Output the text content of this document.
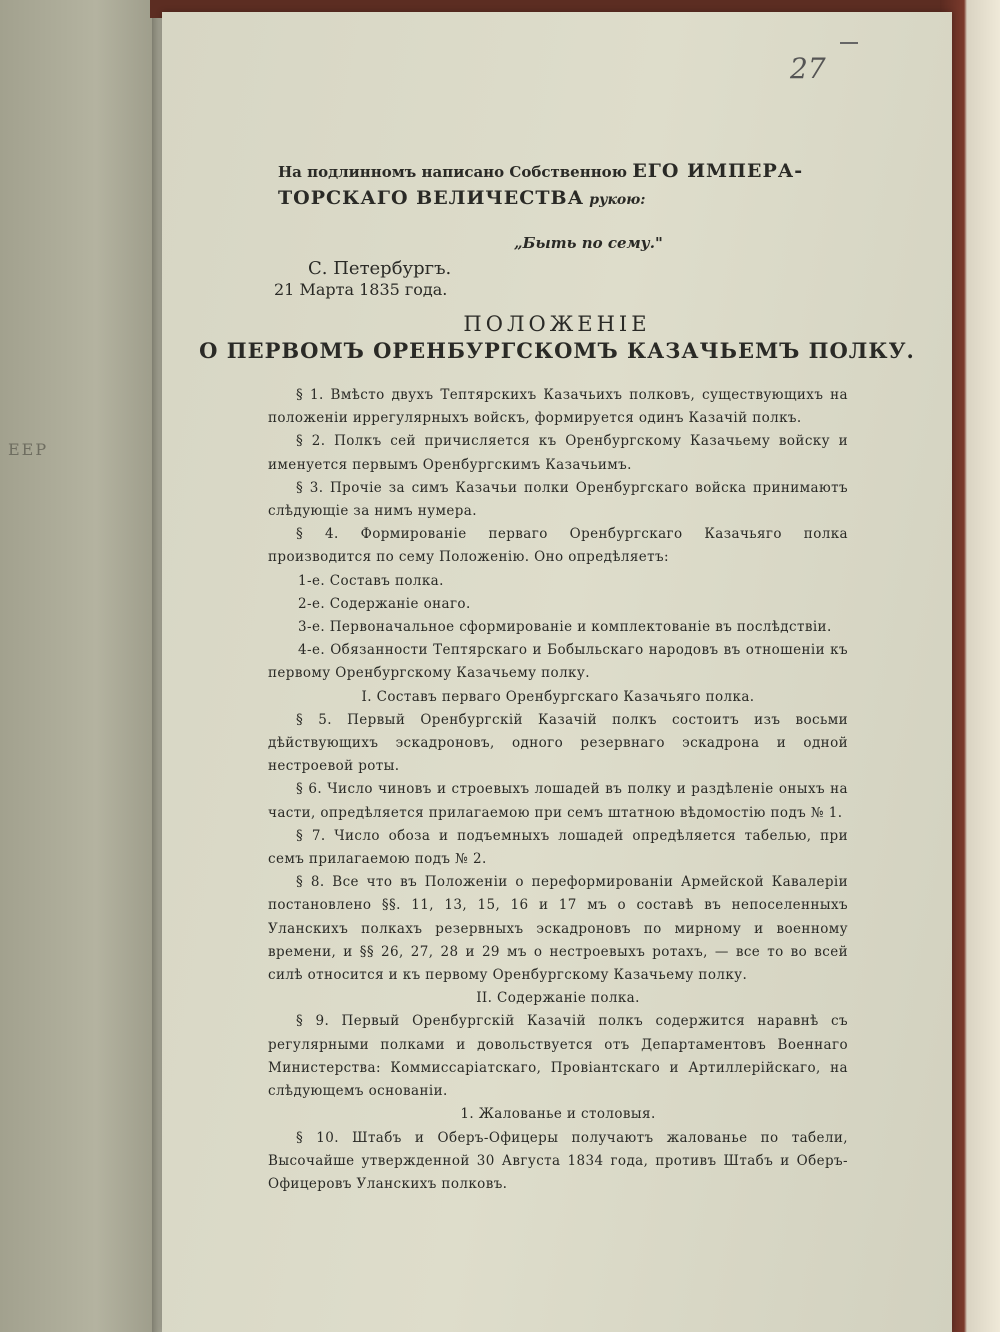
ЕЕР
27
На подлинномъ написано Собственною ЕГО ИМПЕРА-
ТОРСКАГО ВЕЛИЧЕСТВА рукою:
„Быть по сему."
С. Петербургъ.
21 Марта 1835 года.
ПОЛОЖЕНІЕ
О ПЕРВОМЪ ОРЕНБУРГСКОМЪ КАЗАЧЬЕМЪ ПОЛКУ.

§ 1. Вмѣсто двухъ Тептярскихъ Казачьихъ полковъ, существующихъ на положеніи иррегулярныхъ войскъ, формируется одинъ Казачій полкъ.

§ 2. Полкъ сей причисляется къ Оренбургскому Казачьему войску и именуется первымъ Оренбургскимъ Казачьимъ.

§ 3. Прочіе за симъ Казачьи полки Оренбургскаго войска принимаютъ слѣдующіе за нимъ нумера.

§ 4. Формированіе перваго Оренбургскаго Казачьяго полка производится по сему Положенію. Оно опредѣляетъ:

1-е. Составъ полка.

2-е. Содержаніе онаго.

3-е. Первоначальное сформированіе и комплектованіе въ послѣдствіи.

4-е. Обязанности Тептярскаго и Бобыльскаго народовъ въ отношеніи къ первому Оренбургскому Казачьему полку.

I. Составъ перваго Оренбургскаго Казачьяго полка.

§ 5. Первый Оренбургскій Казачій полкъ состоитъ изъ восьми дѣйствующихъ эскадроновъ, одного резервнаго эскадрона и одной нестроевой роты.

§ 6. Число чиновъ и строевыхъ лошадей въ полку и раздѣленіе оныхъ на части, опредѣляется прилагаемою при семъ штатною вѣдомостію подъ № 1.

§ 7. Число обоза и подъемныхъ лошадей опредѣляется табелью, при семъ прилагаемою подъ № 2.

§ 8. Все что въ Положеніи о переформированіи Армейской Кавалеріи постановлено §§. 11, 13, 15, 16 и 17 мъ о составѣ въ непоселенныхъ Уланскихъ полкахъ резервныхъ эскадроновъ по мирному и военному времени, и §§ 26, 27, 28 и 29 мъ о нестроевыхъ ротахъ, — все то во всей силѣ относится и къ первому Оренбургскому Казачьему полку.

II. Содержаніе полка.

§ 9. Первый Оренбургскій Казачій полкъ содержится наравнѣ съ регулярными полками и довольствуется отъ Департаментовъ Военнаго Министерства: Коммиссаріатскаго, Провіантскаго и Артиллерійскаго, на слѣдующемъ основаніи.

1. Жалованье и столовыя.

§ 10. Штабъ и Оберъ-Офицеры получаютъ жалованье по табели, Высочайше утвержденной 30 Августа 1834 года, противъ Штабъ и Оберъ-Офицеровъ Уланскихъ полковъ.
